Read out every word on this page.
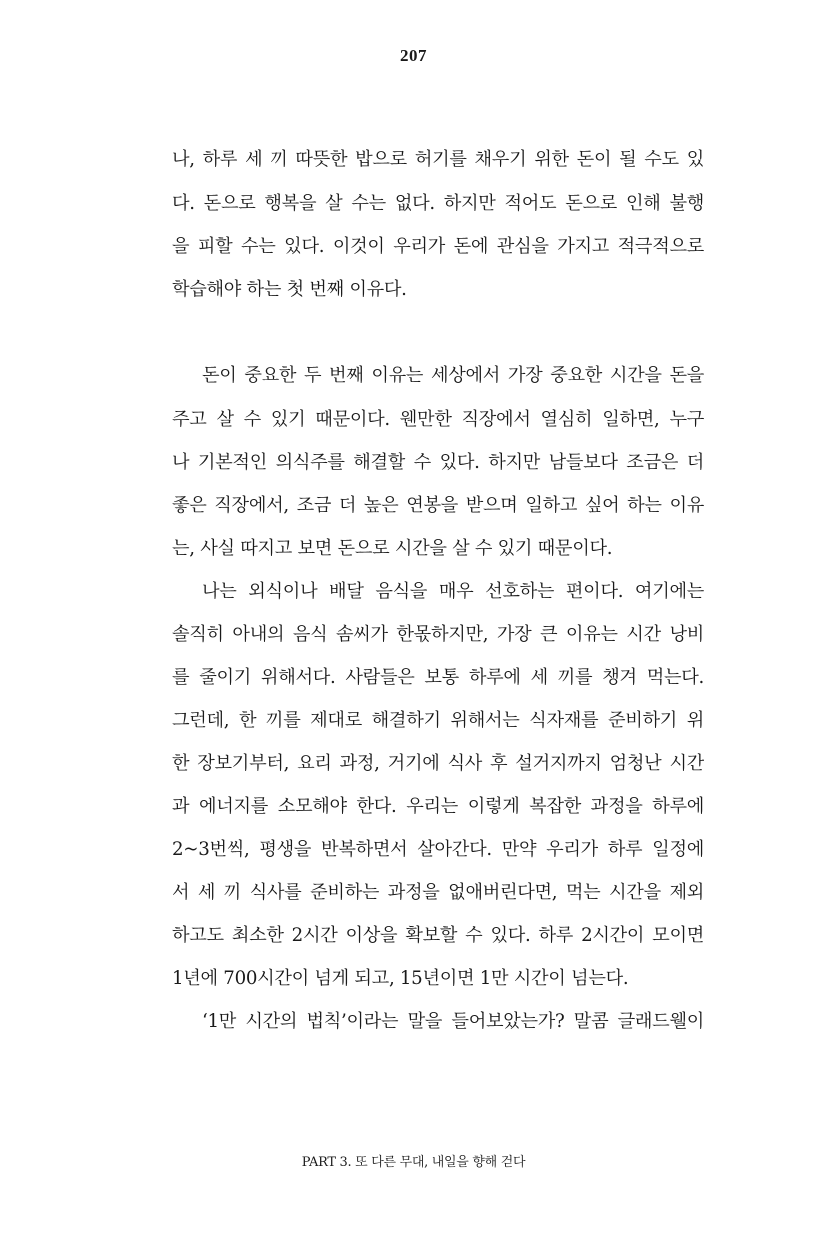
207
나, 하루 세 끼 따뜻한 밥으로 허기를 채우기 위한 돈이 될 수도 있
다. 돈으로 행복을 살 수는 없다. 하지만 적어도 돈으로 인해 불행
을 피할 수는 있다. 이것이 우리가 돈에 관심을 가지고 적극적으로
학습해야 하는 첫 번째 이유다.
돈이 중요한 두 번째 이유는 세상에서 가장 중요한 시간을 돈을
주고 살 수 있기 때문이다. 웬만한 직장에서 열심히 일하면, 누구
나 기본적인 의식주를 해결할 수 있다. 하지만 남들보다 조금은 더
좋은 직장에서, 조금 더 높은 연봉을 받으며 일하고 싶어 하는 이유
는, 사실 따지고 보면 돈으로 시간을 살 수 있기 때문이다.
나는 외식이나 배달 음식을 매우 선호하는 편이다. 여기에는
솔직히 아내의 음식 솜씨가 한몫하지만, 가장 큰 이유는 시간 낭비
를 줄이기 위해서다. 사람들은 보통 하루에 세 끼를 챙겨 먹는다.
그런데, 한 끼를 제대로 해결하기 위해서는 식자재를 준비하기 위
한 장보기부터, 요리 과정, 거기에 식사 후 설거지까지 엄청난 시간
과 에너지를 소모해야 한다. 우리는 이렇게 복잡한 과정을 하루에
2~3번씩, 평생을 반복하면서 살아간다. 만약 우리가 하루 일정에
서 세 끼 식사를 준비하는 과정을 없애버린다면, 먹는 시간을 제외
하고도 최소한 2시간 이상을 확보할 수 있다. 하루 2시간이 모이면
1년에 700시간이 넘게 되고, 15년이면 1만 시간이 넘는다.
‘1만 시간의 법칙’이라는 말을 들어보았는가? 말콤 글래드웰이
PART 3. 또 다른 무대, 내일을 향해 걷다
